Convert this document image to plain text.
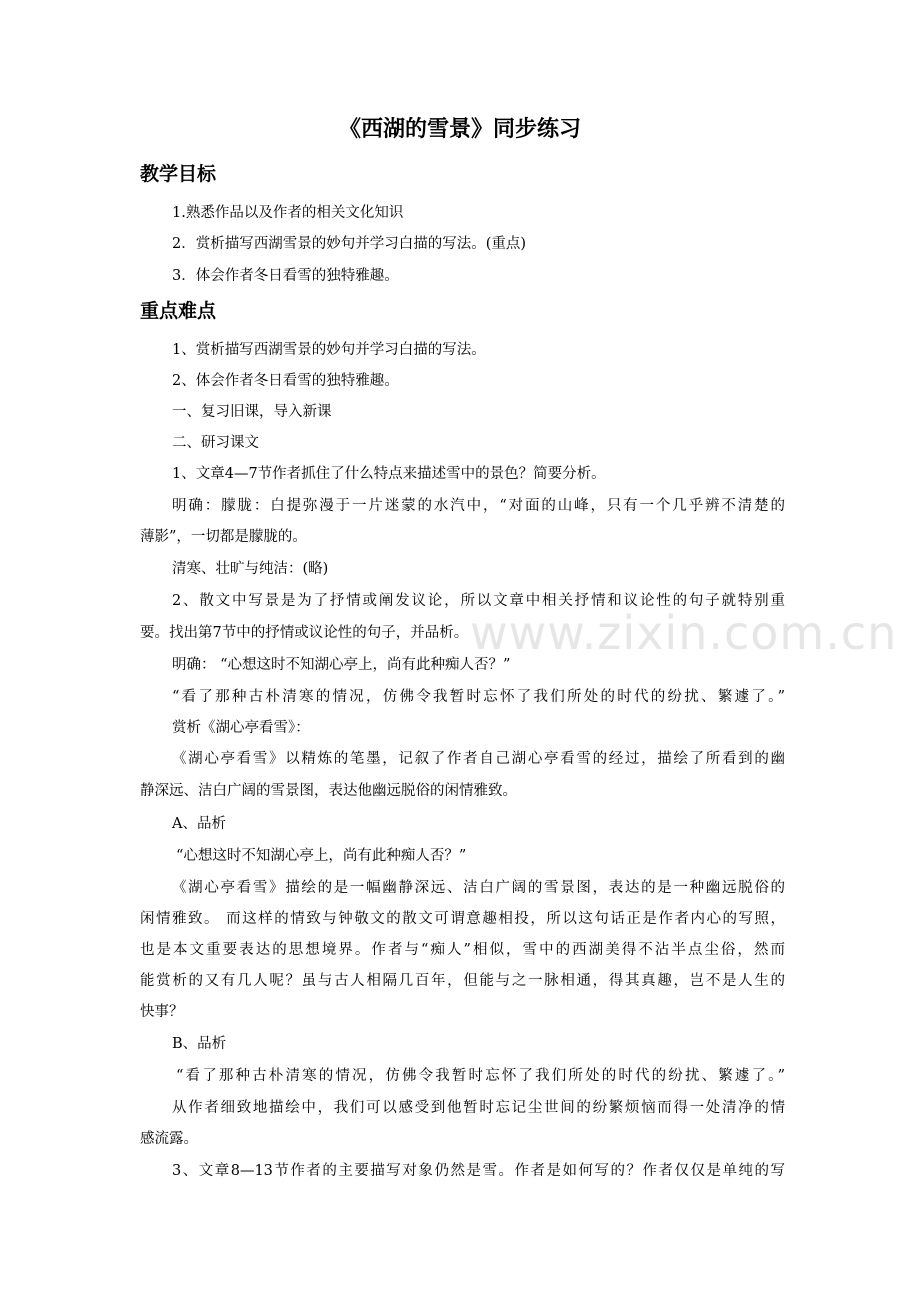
《西湖的雪景》同步练习
教学目标
1.熟悉作品以及作者的相关文化知识
2．赏析描写西湖雪景的妙句并学习白描的写法。(重点)
3．体会作者冬日看雪的独特雅趣。
重点难点
1、赏析描写西湖雪景的妙句并学习白描的写法。
2、体会作者冬日看雪的独特雅趣。
一、复习旧课，导入新课
二、研习课文
1、文章4—7节作者抓住了什么特点来描述雪中的景色？简要分析。
明确：朦胧：白提弥漫于一片迷蒙的水汽中，“对面的山峰，只有一个几乎辨不清楚的
薄影”，一切都是朦胧的。
清寒、壮旷与纯洁：(略)
2、散文中写景是为了抒情或阐发议论，所以文章中相关抒情和议论性的句子就特别重
要。找出第7节中的抒情或议论性的句子，并品析。
明确： “心想这时不知湖心亭上，尚有此种痴人否？”
“看了那种古朴清寒的情况，仿佛令我暂时忘怀了我们所处的时代的纷扰、繁遽了。”
赏析《湖心亭看雪》：
《湖心亭看雪》以精炼的笔墨，记叙了作者自己湖心亭看雪的经过，描绘了所看到的幽
静深远、洁白广阔的雪景图，表达他幽远脱俗的闲情雅致。
A、品析
“心想这时不知湖心亭上，尚有此种痴人否？”
《湖心亭看雪》描绘的是一幅幽静深远、洁白广阔的雪景图，表达的是一种幽远脱俗的
闲情雅致。 而这样的情致与钟敬文的散文可谓意趣相投，所以这句话正是作者内心的写照，
也是本文重要表达的思想境界。作者与“痴人”相似，雪中的西湖美得不沾半点尘俗，然而
能赏析的又有几人呢？虽与古人相隔几百年，但能与之一脉相通，得其真趣，岂不是人生的
快事？
B、品析
“看了那种古朴清寒的情况，仿佛令我暂时忘怀了我们所处的时代的纷扰、繁遽了。”
从作者细致地描绘中，我们可以感受到他暂时忘记尘世间的纷繁烦恼而得一处清净的情
感流露。
3、文章8—13节作者的主要描写对象仍然是雪。作者是如何写的？作者仅仅是单纯的写
www.zixin.com.cn
